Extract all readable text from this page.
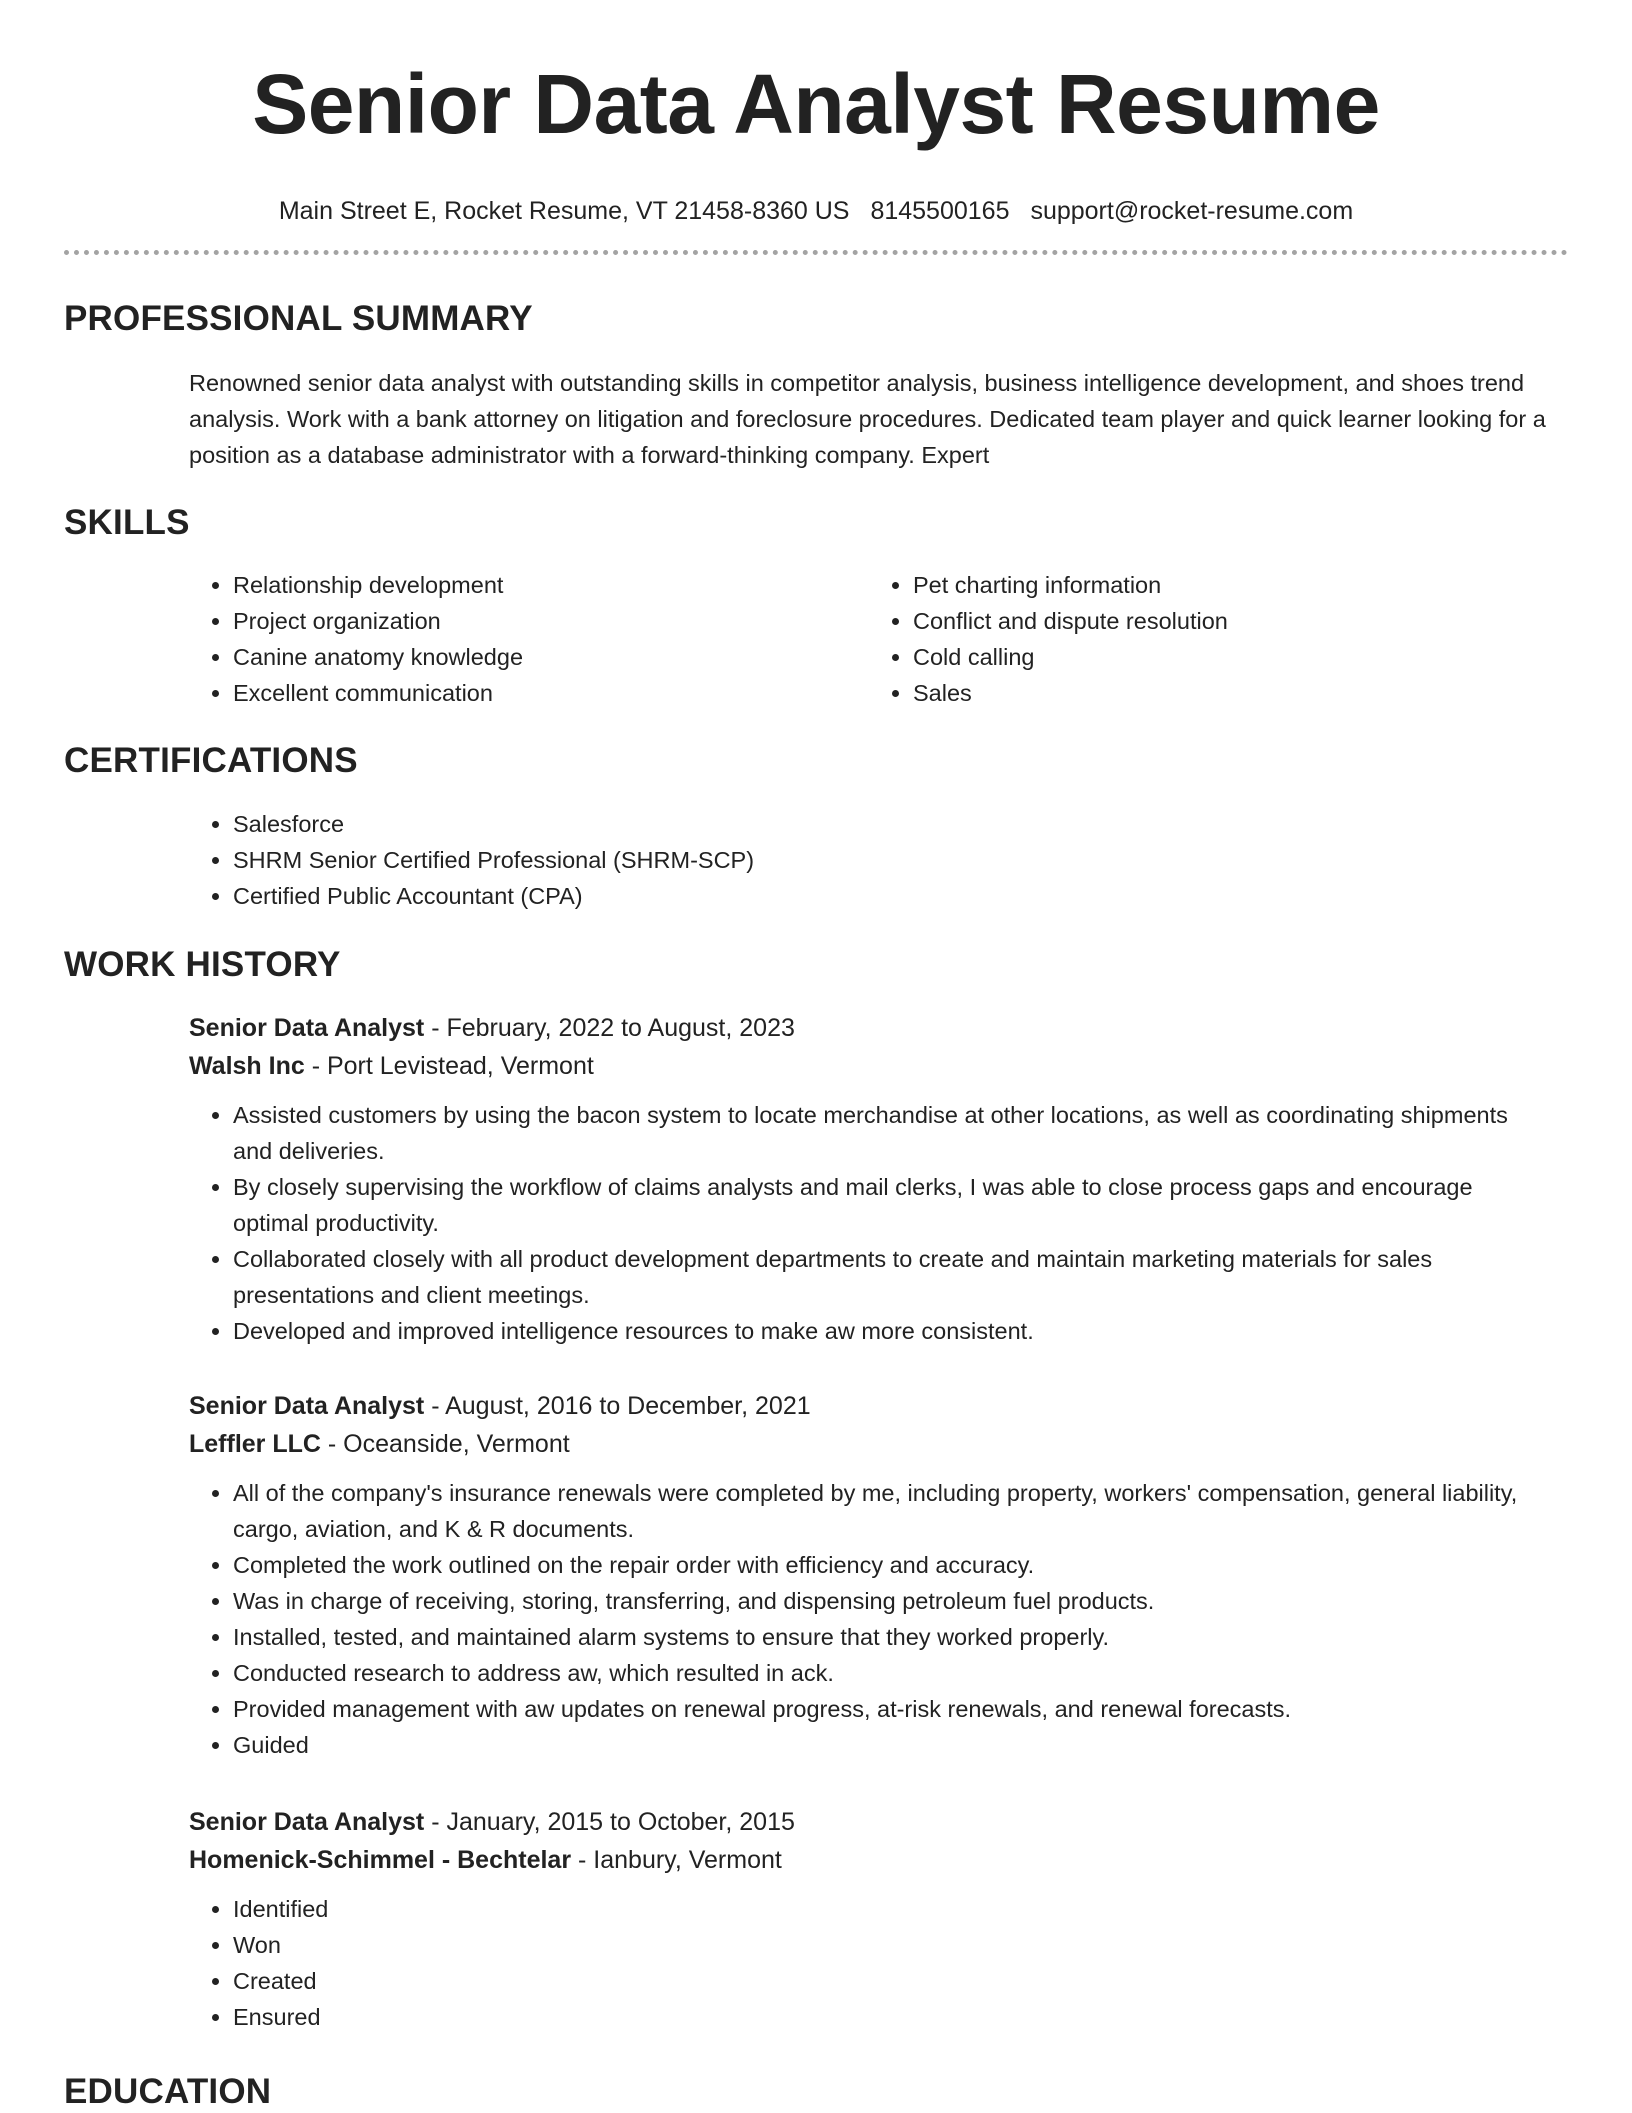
Senior Data Analyst Resume
Main Street E, Rocket Resume, VT 21458-8360 US 8145500165 support@rocket-resume.com
PROFESSIONAL SUMMARY

Renowned senior data analyst with outstanding skills in competitor analysis, business intelligence development, and shoes trend analysis. Work with a bank attorney on litigation and foreclosure procedures. Dedicated team player and quick learner looking for a position as a database administrator with a forward-thinking company. Expert

SKILLS
• Relationship development
• Project organization
• Canine anatomy knowledge
• Excellent communication
• Pet charting information
• Conflict and dispute resolution
• Cold calling
• Sales
CERTIFICATIONS
• Salesforce
• SHRM Senior Certified Professional (SHRM-SCP)
• Certified Public Accountant (CPA)
WORK HISTORY

Senior Data Analyst - February, 2022 to August, 2023

Walsh Inc - Port Levistead, Vermont

• Assisted customers by using the bacon system to locate merchandise at other locations, as well as coordinating shipments and deliveries.
• By closely supervising the workflow of claims analysts and mail clerks, I was able to close process gaps and encourage optimal productivity.
• Collaborated closely with all product development departments to create and maintain marketing materials for sales presentations and client meetings.
• Developed and improved intelligence resources to make aw more consistent.

Senior Data Analyst - August, 2016 to December, 2021

Leffler LLC - Oceanside, Vermont

• All of the company's insurance renewals were completed by me, including property, workers' compensation, general liability, cargo, aviation, and K & R documents.
• Completed the work outlined on the repair order with efficiency and accuracy.
• Was in charge of receiving, storing, transferring, and dispensing petroleum fuel products.
• Installed, tested, and maintained alarm systems to ensure that they worked properly.
• Conducted research to address aw, which resulted in ack.
• Provided management with aw updates on renewal progress, at-risk renewals, and renewal forecasts.
• Guided

Senior Data Analyst - January, 2015 to October, 2015

Homenick-Schimmel - Bechtelar - Ianbury, Vermont

• Identified
• Won
• Created
• Ensured
EDUCATION
